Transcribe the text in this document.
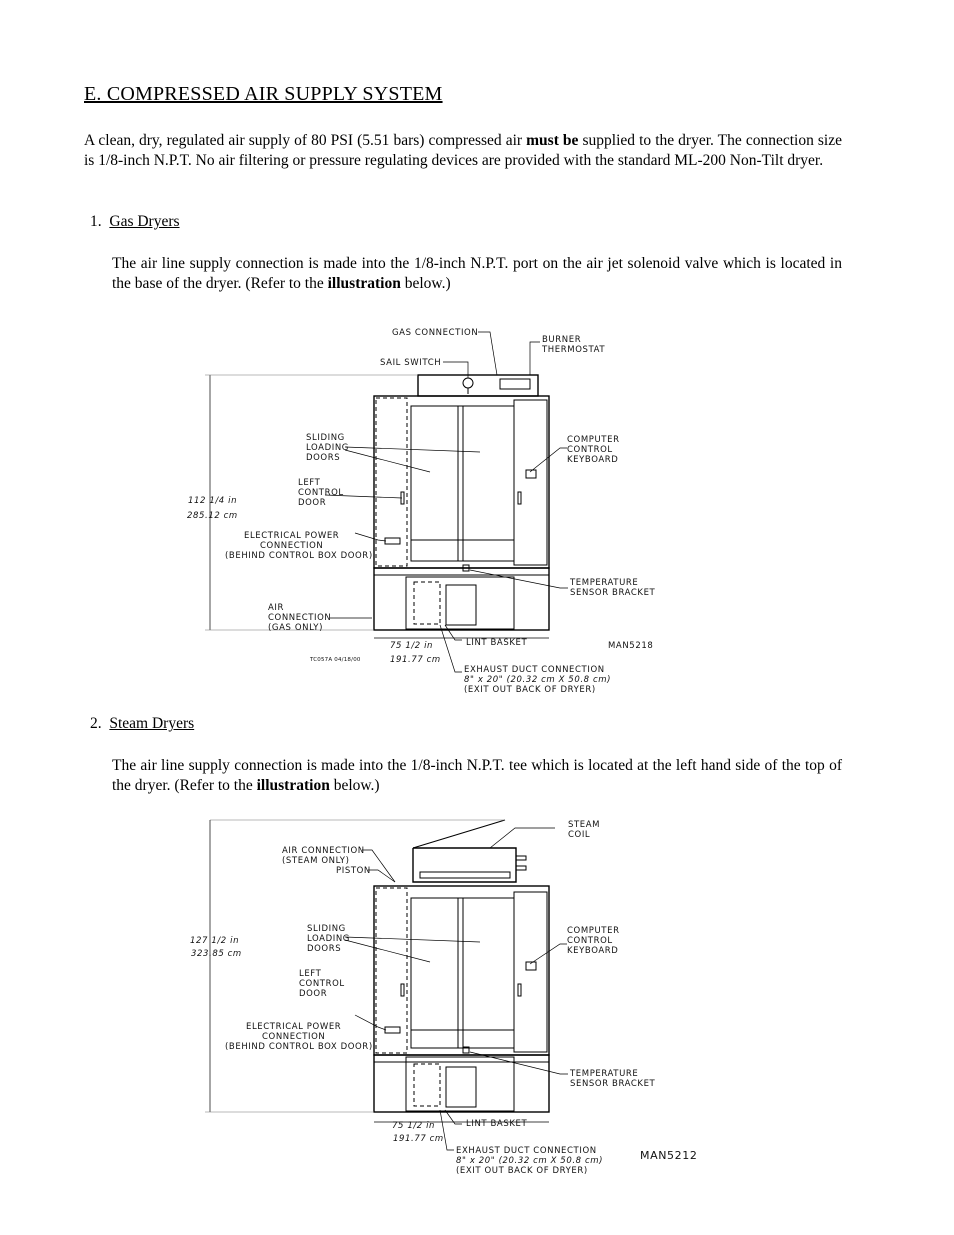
E. COMPRESSED AIR SUPPLY SYSTEM
A clean, dry, regulated air supply of 80 PSI (5.51 bars) compressed air must be supplied to the dryer. The connection size is 1/8-inch N.P.T. No air filtering or pressure regulating devices are provided with the standard ML-200 Non-Tilt dryer.
1. Gas Dryers
The air line supply connection is made into the 1/8-inch N.P.T. port on the air jet solenoid valve which is located in the base of the dryer. (Refer to the illustration below.)
GAS CONNECTION
BURNER
THERMOSTAT
SAIL SWITCH
SLIDING
LOADING
DOORS
COMPUTER
CONTROL
KEYBOARD
LEFT
CONTROL
DOOR
112 1/4 in
285.12 cm
ELECTRICAL POWER
CONNECTION
(BEHIND CONTROL BOX DOOR)
TEMPERATURE
SENSOR BRACKET
AIR
CONNECTION
(GAS ONLY)
75 1/2 in
191.77 cm
LINT BASKET	MAN5218
TC057A 04/18/00
EXHAUST DUCT CONNECTION
8" x 20" (20.32 cm X 50.8 cm)
(EXIT OUT BACK OF DRYER)
2. Steam Dryers
The air line supply connection is made into the 1/8-inch N.P.T. tee which is located at the left hand side of the top of the dryer. (Refer to the illustration below.)
STEAM
COIL
AIR CONNECTION
(STEAM ONLY)
PISTON
SLIDING
LOADING
DOORS
COMPUTER
CONTROL
KEYBOARD
127 1/2 in
323.85 cm
LEFT
CONTROL
DOOR
ELECTRICAL POWER
CONNECTION
(BEHIND CONTROL BOX DOOR)
TEMPERATURE
SENSOR BRACKET
75 1/2 in
191.77 cm
LINT BASKET
MAN5212
EXHAUST DUCT CONNECTION
8" x 20" (20.32 cm X 50.8 cm)
(EXIT OUT BACK OF DRYER)
